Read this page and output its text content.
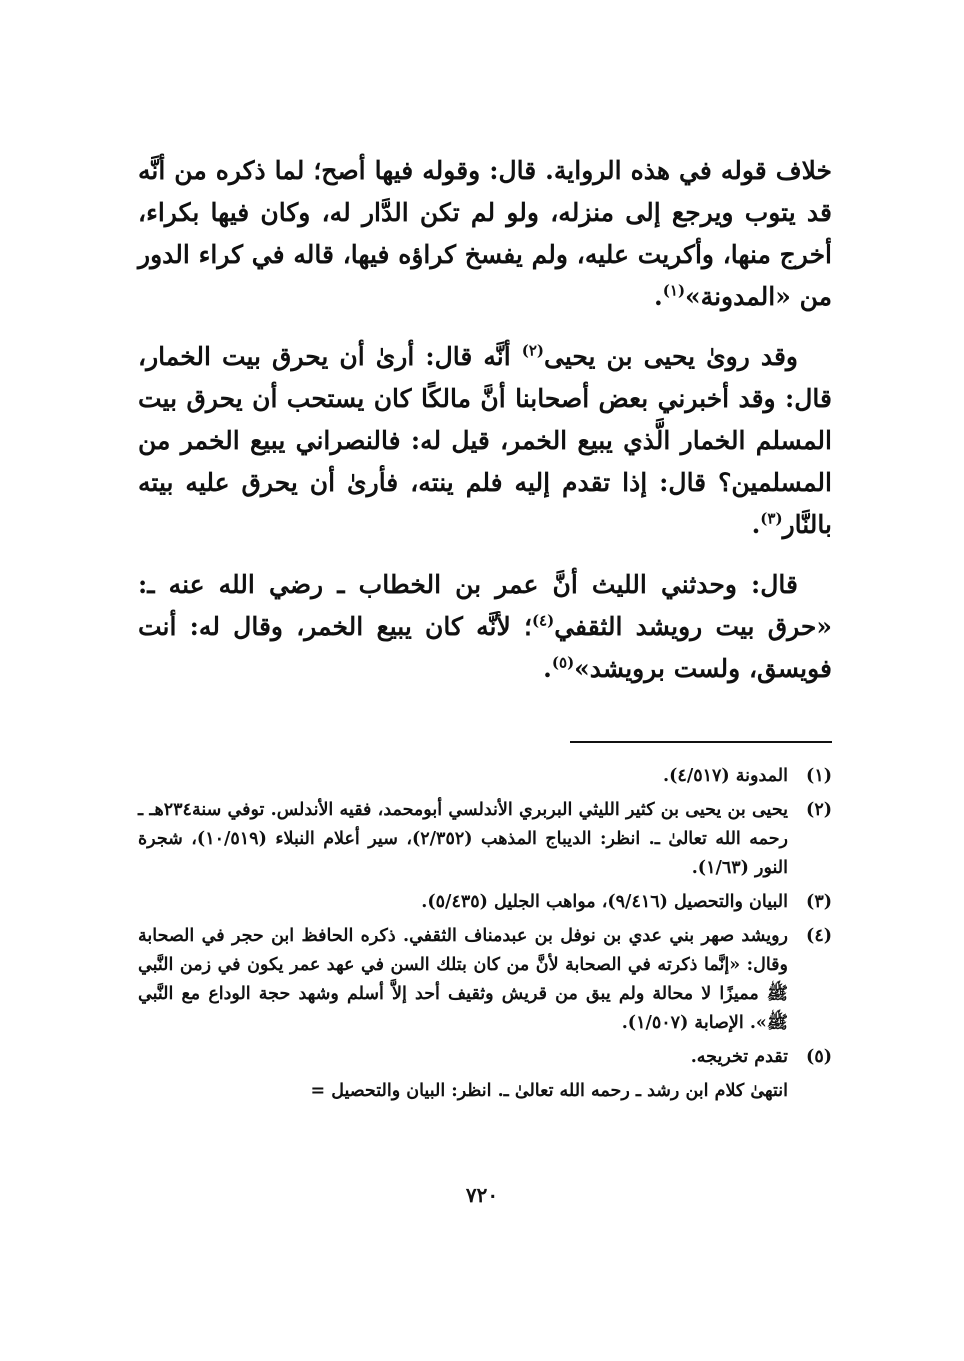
خلاف قوله في هذه الرواية. قال: وقوله فيها أصح؛ لما ذكره من أنَّه قد يتوب ويرجع إلى منزله، ولو لم تكن الدَّار له، وكان فيها بكراء، أخرج منها، وأكريت عليه، ولم يفسخ كراؤه فيها، قاله في كراء الدور من «المدونة»$^{(١)}$.

وقد روىٰ يحيى بن يحيى$^{(٢)}$ أنَّه قال: أرىٰ أن يحرق بيت الخمار، قال: وقد أخبرني بعض أصحابنا أنَّ مالكًا كان يستحب أن يحرق بيت المسلم الخمار الَّذي يبيع الخمر، قيل له: فالنصراني يبيع الخمر من المسلمين؟ قال: إذا تقدم إليه فلم ينته، فأرىٰ أن يحرق عليه بيته بالنَّار$^{(٣)}$.

قال: وحدثني الليث أنَّ عمر بن الخطاب ـ رضي الله عنه ـ: «حرق بيت رويشد الثقفي$^{(٤)}$؛ لأنَّه كان يبيع الخمر، وقال له: أنت فويسق، ولست برويشد»$^{(٥)}$.

(١)
المدونة (٤/٥١٧).
(٢)
يحيى بن يحيى بن كثير الليثي البربري الأندلسي أبومحمد، فقيه الأندلس. توفي سنة٢٣٤هـ ـ رحمه الله تعالىٰ ـ. انظر: الديباج المذهب (٢/٣٥٢)، سير أعلام النبلاء (١٠/٥١٩)، شجرة النور (١/٦٣).
(٣)
البيان والتحصيل (٩/٤١٦)، مواهب الجليل (٥/٤٣٥).
(٤)
رويشد صهر بني عدي بن نوفل بن عبدمناف الثقفي. ذكره الحافظ ابن حجر في الصحابة وقال: «إنَّما ذكرته في الصحابة لأنَّ من كان بتلك السن في عهد عمر يكون في زمن النَّبي ﷺ مميزًا لا محالة ولم يبق من قريش وثقيف أحد إلاَّ أسلم وشهد حجة الوداع مع النَّبي ﷺ». الإصابة (١/٥٠٧).
(٥)
تقدم تخريجه.
انتهىٰ كلام ابن رشد ـ رحمه الله تعالىٰ ـ. انظر: البيان والتحصيل =
٧٢٠
